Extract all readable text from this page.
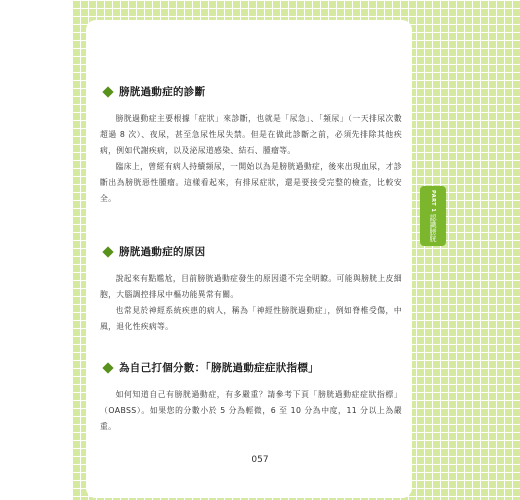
PART 1
認識膀胱
膀胱過動症的診斷

膀胱過動症主要根據「症狀」來診斷，也就是「尿急」、「頻尿」（一天排尿次數超過 8 次）、夜尿，甚至急尿性尿失禁。但是在做此診斷之前，必須先排除其他疾病，例如代謝疾病，以及泌尿道感染、結石、腫瘤等。

臨床上，曾經有病人持續頻尿，一開始以為是膀胱過動症，後來出現血尿，才診斷出為膀胱惡性腫瘤。這樣看起來，有排尿症狀，還是要接受完整的檢查，比較安全。

膀胱過動症的原因

說起來有點尷尬，目前膀胱過動症發生的原因還不完全明瞭。可能與膀胱上皮細胞，大腦調控排尿中樞功能異常有關。

也常見於神經系統疾患的病人，稱為「神經性膀胱過動症」，例如脊椎受傷，中風，退化性疾病等。

為自己打個分數：「膀胱過動症症狀指標」

如何知道自己有膀胱過動症，有多嚴重？請參考下頁「膀胱過動症症狀指標」（OABSS）。如果您的分數小於 5 分為輕微，6 至 10 分為中度，11 分以上為嚴重。

057
